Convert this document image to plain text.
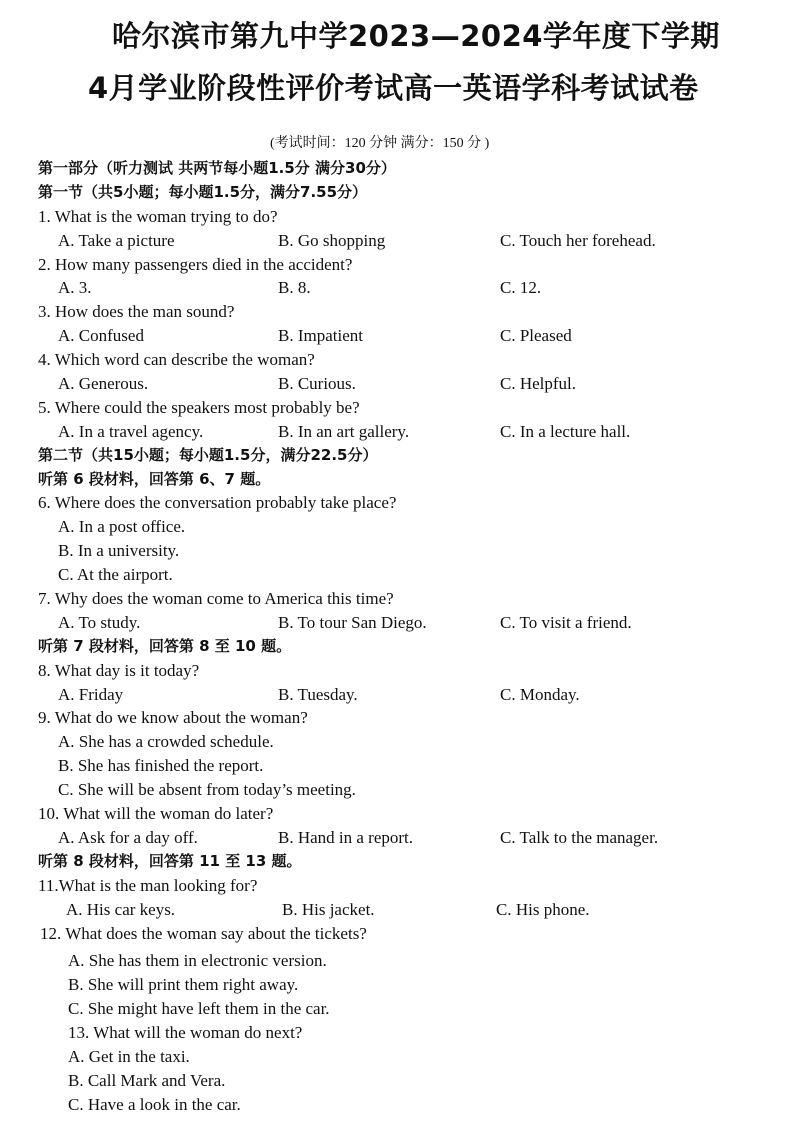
哈尔滨市第九中学2023—2024学年度下学期
4月学业阶段性评价考试高一英语学科考试试卷
(考试时间：120 分钟 满分：150 分 )
第一部分（听力测试 共两节每小题1.5分 满分30分）
第一节（共5小题；每小题1.5分，满分7.55分）
1. What is the woman trying to do?
A. Take a picture	B. Go shopping	C. Touch her forehead.
2. How many passengers died in the accident?
A. 3.	B. 8.	C. 12.
3. How does the man sound?
A. Confused	B. Impatient	C. Pleased
4. Which word can describe the woman?
A. Generous.	B. Curious.	C. Helpful.
5. Where could the speakers most probably be?
A. In a travel agency.	B. In an art gallery.	C. In a lecture hall.
第二节（共15小题；每小题1.5分，满分22.5分）
听第 6 段材料，回答第 6、7 题。
6. Where does the conversation probably take place?
A. In a post office.
B. In a university.
C. At the airport.
7. Why does the woman come to America this time?
A. To study.	B. To tour San Diego.	C. To visit a friend.
听第 7 段材料，回答第 8 至 10 题。
8. What day is it today?
A. Friday	B. Tuesday.	C. Monday.
9. What do we know about the woman?
A. She has a crowded schedule.
B. She has finished the report.
C. She will be absent from today’s meeting.
10. What will the woman do later?
A. Ask for a day off.	B. Hand in a report.	C. Talk to the manager.
听第 8 段材料，回答第 11 至 13 题。
11.What is the man looking for?
A. His car keys.	B. His jacket.	C. His phone.
12. What does the woman say about the tickets?
A. She has them in electronic version.
B. She will print them right away.
C. She might have left them in the car.
13. What will the woman do next?
A. Get in the taxi.
B. Call Mark and Vera.
C. Have a look in the car.
